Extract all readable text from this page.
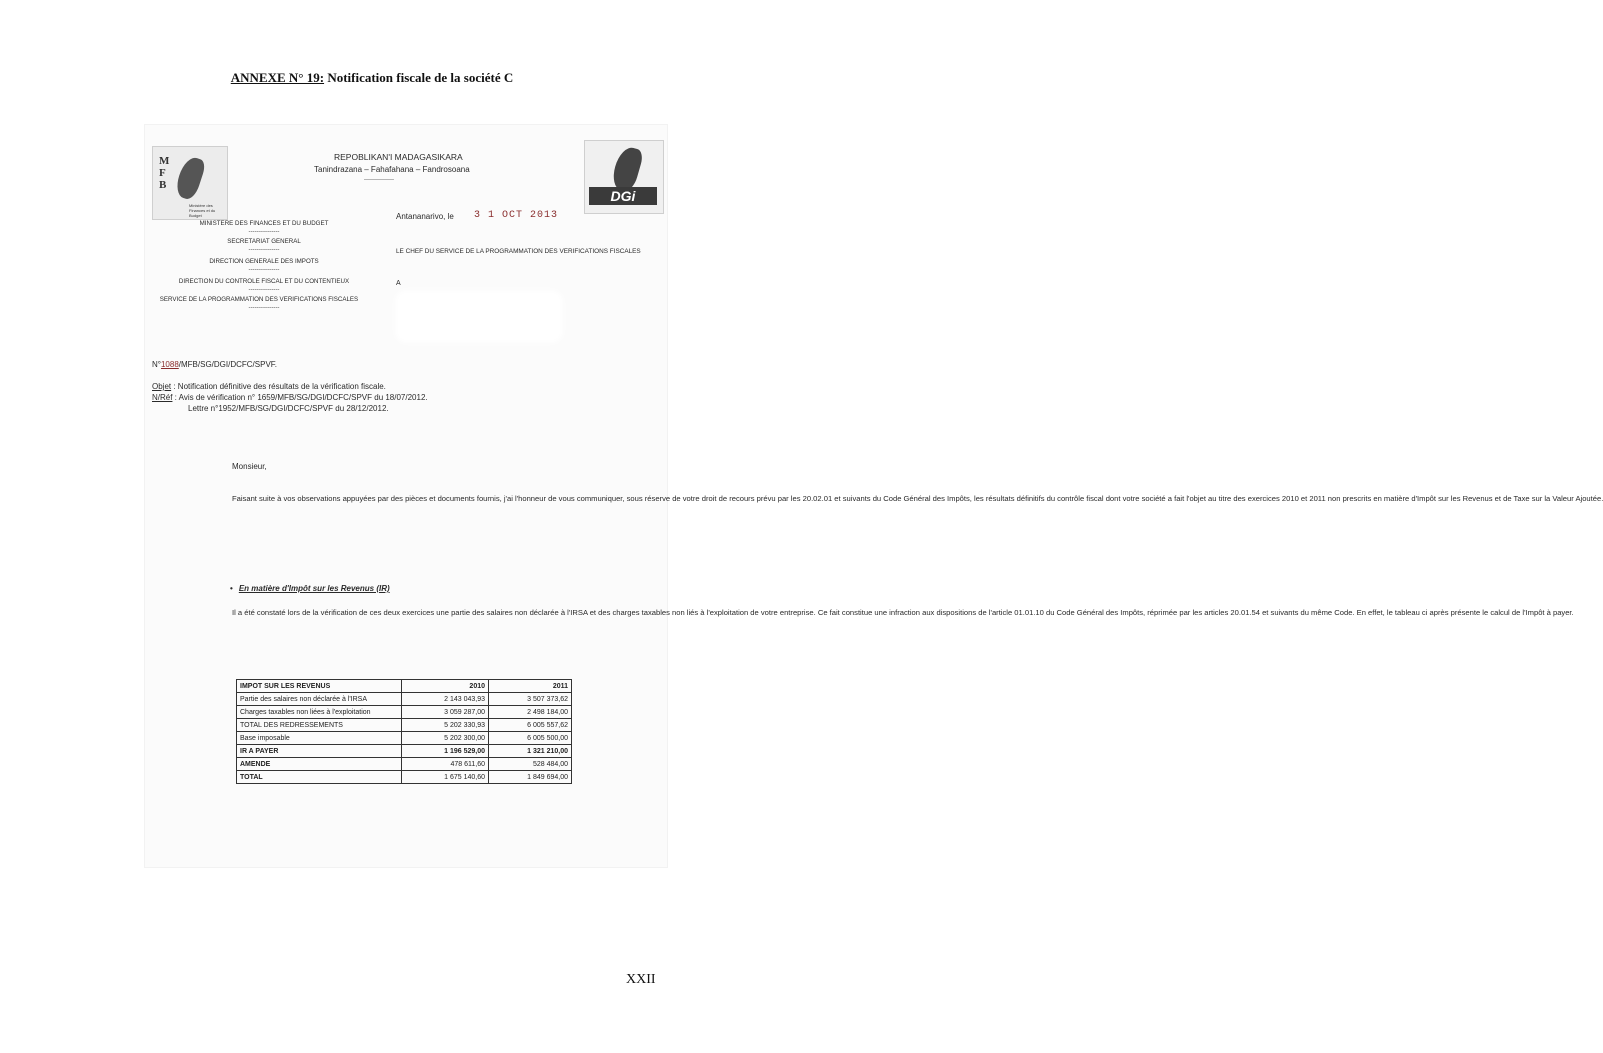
ANNEXE N° 19: Notification fiscale de la société C
M
F
B
Ministère des Finances et du Budget
DGi
REPOBLIKAN'I MADAGASIKARA
Tanindrazana – Fahafahana – Fandrosoana
---------------
MINISTERE DES FINANCES ET DU BUDGET
---------------
SECRETARIAT GENERAL
---------------
DIRECTION GENERALE DES IMPOTS
---------------
DIRECTION DU CONTROLE FISCAL ET DU CONTENTIEUX
---------------
SERVICE DE LA PROGRAMMATION DES VERIFICATIONS FISCALES
---------------
Antananarivo, le 3 1 OCT 2013
LE CHEF DU SERVICE DE LA PROGRAMMATION DES VERIFICATIONS FISCALES
A
N°1088/MFB/SG/DGI/DCFC/SPVF.
Objet : Notification définitive des résultats de la vérification fiscale.
N/Réf : Avis de vérification n° 1659/MFB/SG/DGI/DCFC/SPVF du 18/07/2012.
Lettre n°1952/MFB/SG/DGI/DCFC/SPVF du 28/12/2012.
Monsieur,
Faisant suite à vos observations appuyées par des pièces et documents fournis, j'ai l'honneur de vous communiquer, sous réserve de votre droit de recours prévu par les 20.02.01 et suivants du Code Général des Impôts, les résultats définitifs du contrôle fiscal dont votre société a fait l'objet au titre des exercices 2010 et 2011 non prescrits en matière d'Impôt sur les Revenus et de Taxe sur la Valeur Ajoutée.
• En matière d'Impôt sur les Revenus (IR)
Il a été constaté lors de la vérification de ces deux exercices une partie des salaires non déclarée à l'IRSA et des charges taxables non liés à l'exploitation de votre entreprise. Ce fait constitue une infraction aux dispositions de l'article 01.01.10 du Code Général des Impôts, réprimée par les articles 20.01.54 et suivants du même Code. En effet, le tableau ci après présente le calcul de l'Impôt à payer.
IMPOT SUR LES REVENUS	2010	2011
Partie des salaires non déclarée à l'IRSA	2 143 043,93	3 507 373,62
Charges taxables non liées à l'exploitation	3 059 287,00	2 498 184,00
TOTAL DES REDRESSEMENTS	5 202 330,93	6 005 557,62
Base imposable	5 202 300,00	6 005 500,00
IR A PAYER	1 196 529,00	1 321 210,00
AMENDE	478 611,60	528 484,00
TOTAL	1 675 140,60	1 849 694,00
XXII
